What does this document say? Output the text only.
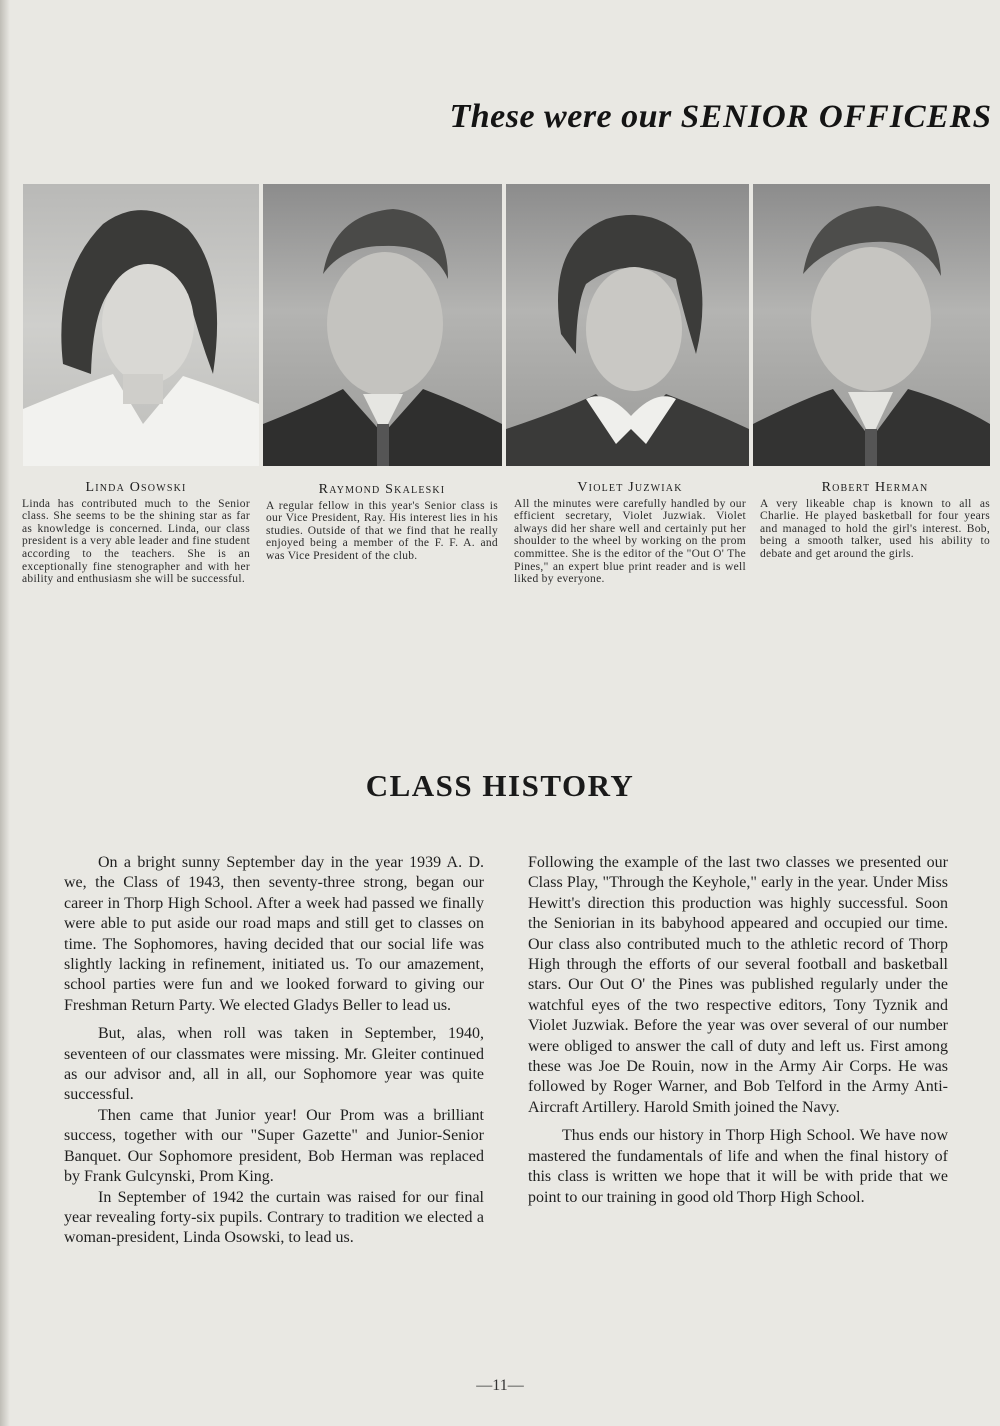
These were our SENIOR OFFICERS
Linda Osowski
Linda has contributed much to the Senior class. She seems to be the shining star as far as knowledge is concerned. Linda, our class president is a very able leader and fine student according to the teachers. She is an exceptionally fine stenographer and with her ability and enthusiasm she will be successful.
Raymond Skaleski
A regular fellow in this year's Senior class is our Vice President, Ray. His interest lies in his studies. Outside of that we find that he really enjoyed being a member of the F. F. A. and was Vice President of the club.
Violet Juzwiak
All the minutes were carefully handled by our efficient secretary, Violet Juzwiak. Violet always did her share well and certainly put her shoulder to the wheel by working on the prom committee. She is the editor of the "Out O' The Pines," an expert blue print reader and is well liked by everyone.
Robert Herman
A very likeable chap is known to all as Charlie. He played basketball for four years and managed to hold the girl's interest. Bob, being a smooth talker, used his ability to debate and get around the girls.
CLASS HISTORY

On a bright sunny September day in the year 1939 A. D. we, the Class of 1943, then seventy-three strong, began our career in Thorp High School. After a week had passed we finally were able to put aside our road maps and still get to classes on time. The Sophomores, having decided that our social life was slightly lacking in refinement, initiated us. To our amazement, school parties were fun and we looked forward to giving our Freshman Return Party. We elected Gladys Beller to lead us.

But, alas, when roll was taken in September, 1940, seventeen of our classmates were missing. Mr. Gleiter continued as our advisor and, all in all, our Sophomore year was quite successful.

Then came that Junior year! Our Prom was a brilliant success, together with our "Super Gazette" and Junior-Senior Banquet. Our Sophomore president, Bob Herman was replaced by Frank Gulcynski, Prom King.

In September of 1942 the curtain was raised for our final year revealing forty-six pupils. Contrary to tradition we elected a woman-president, Linda Osowski, to lead us.

Following the example of the last two classes we presented our Class Play, "Through the Keyhole," early in the year. Under Miss Hewitt's direction this production was highly successful. Soon the Seniorian in its babyhood appeared and occupied our time. Our class also contributed much to the athletic record of Thorp High through the efforts of our several football and basketball stars. Our Out O' the Pines was published regularly under the watchful eyes of the two respective editors, Tony Tyznik and Violet Juzwiak. Before the year was over several of our number were obliged to answer the call of duty and left us. First among these was Joe De Rouin, now in the Army Air Corps. He was followed by Roger Warner, and Bob Telford in the Army Anti-Aircraft Artillery. Harold Smith joined the Navy.

Thus ends our history in Thorp High School. We have now mastered the fundamentals of life and when the final history of this class is written we hope that it will be with pride that we point to our training in good old Thorp High School.

—11—
